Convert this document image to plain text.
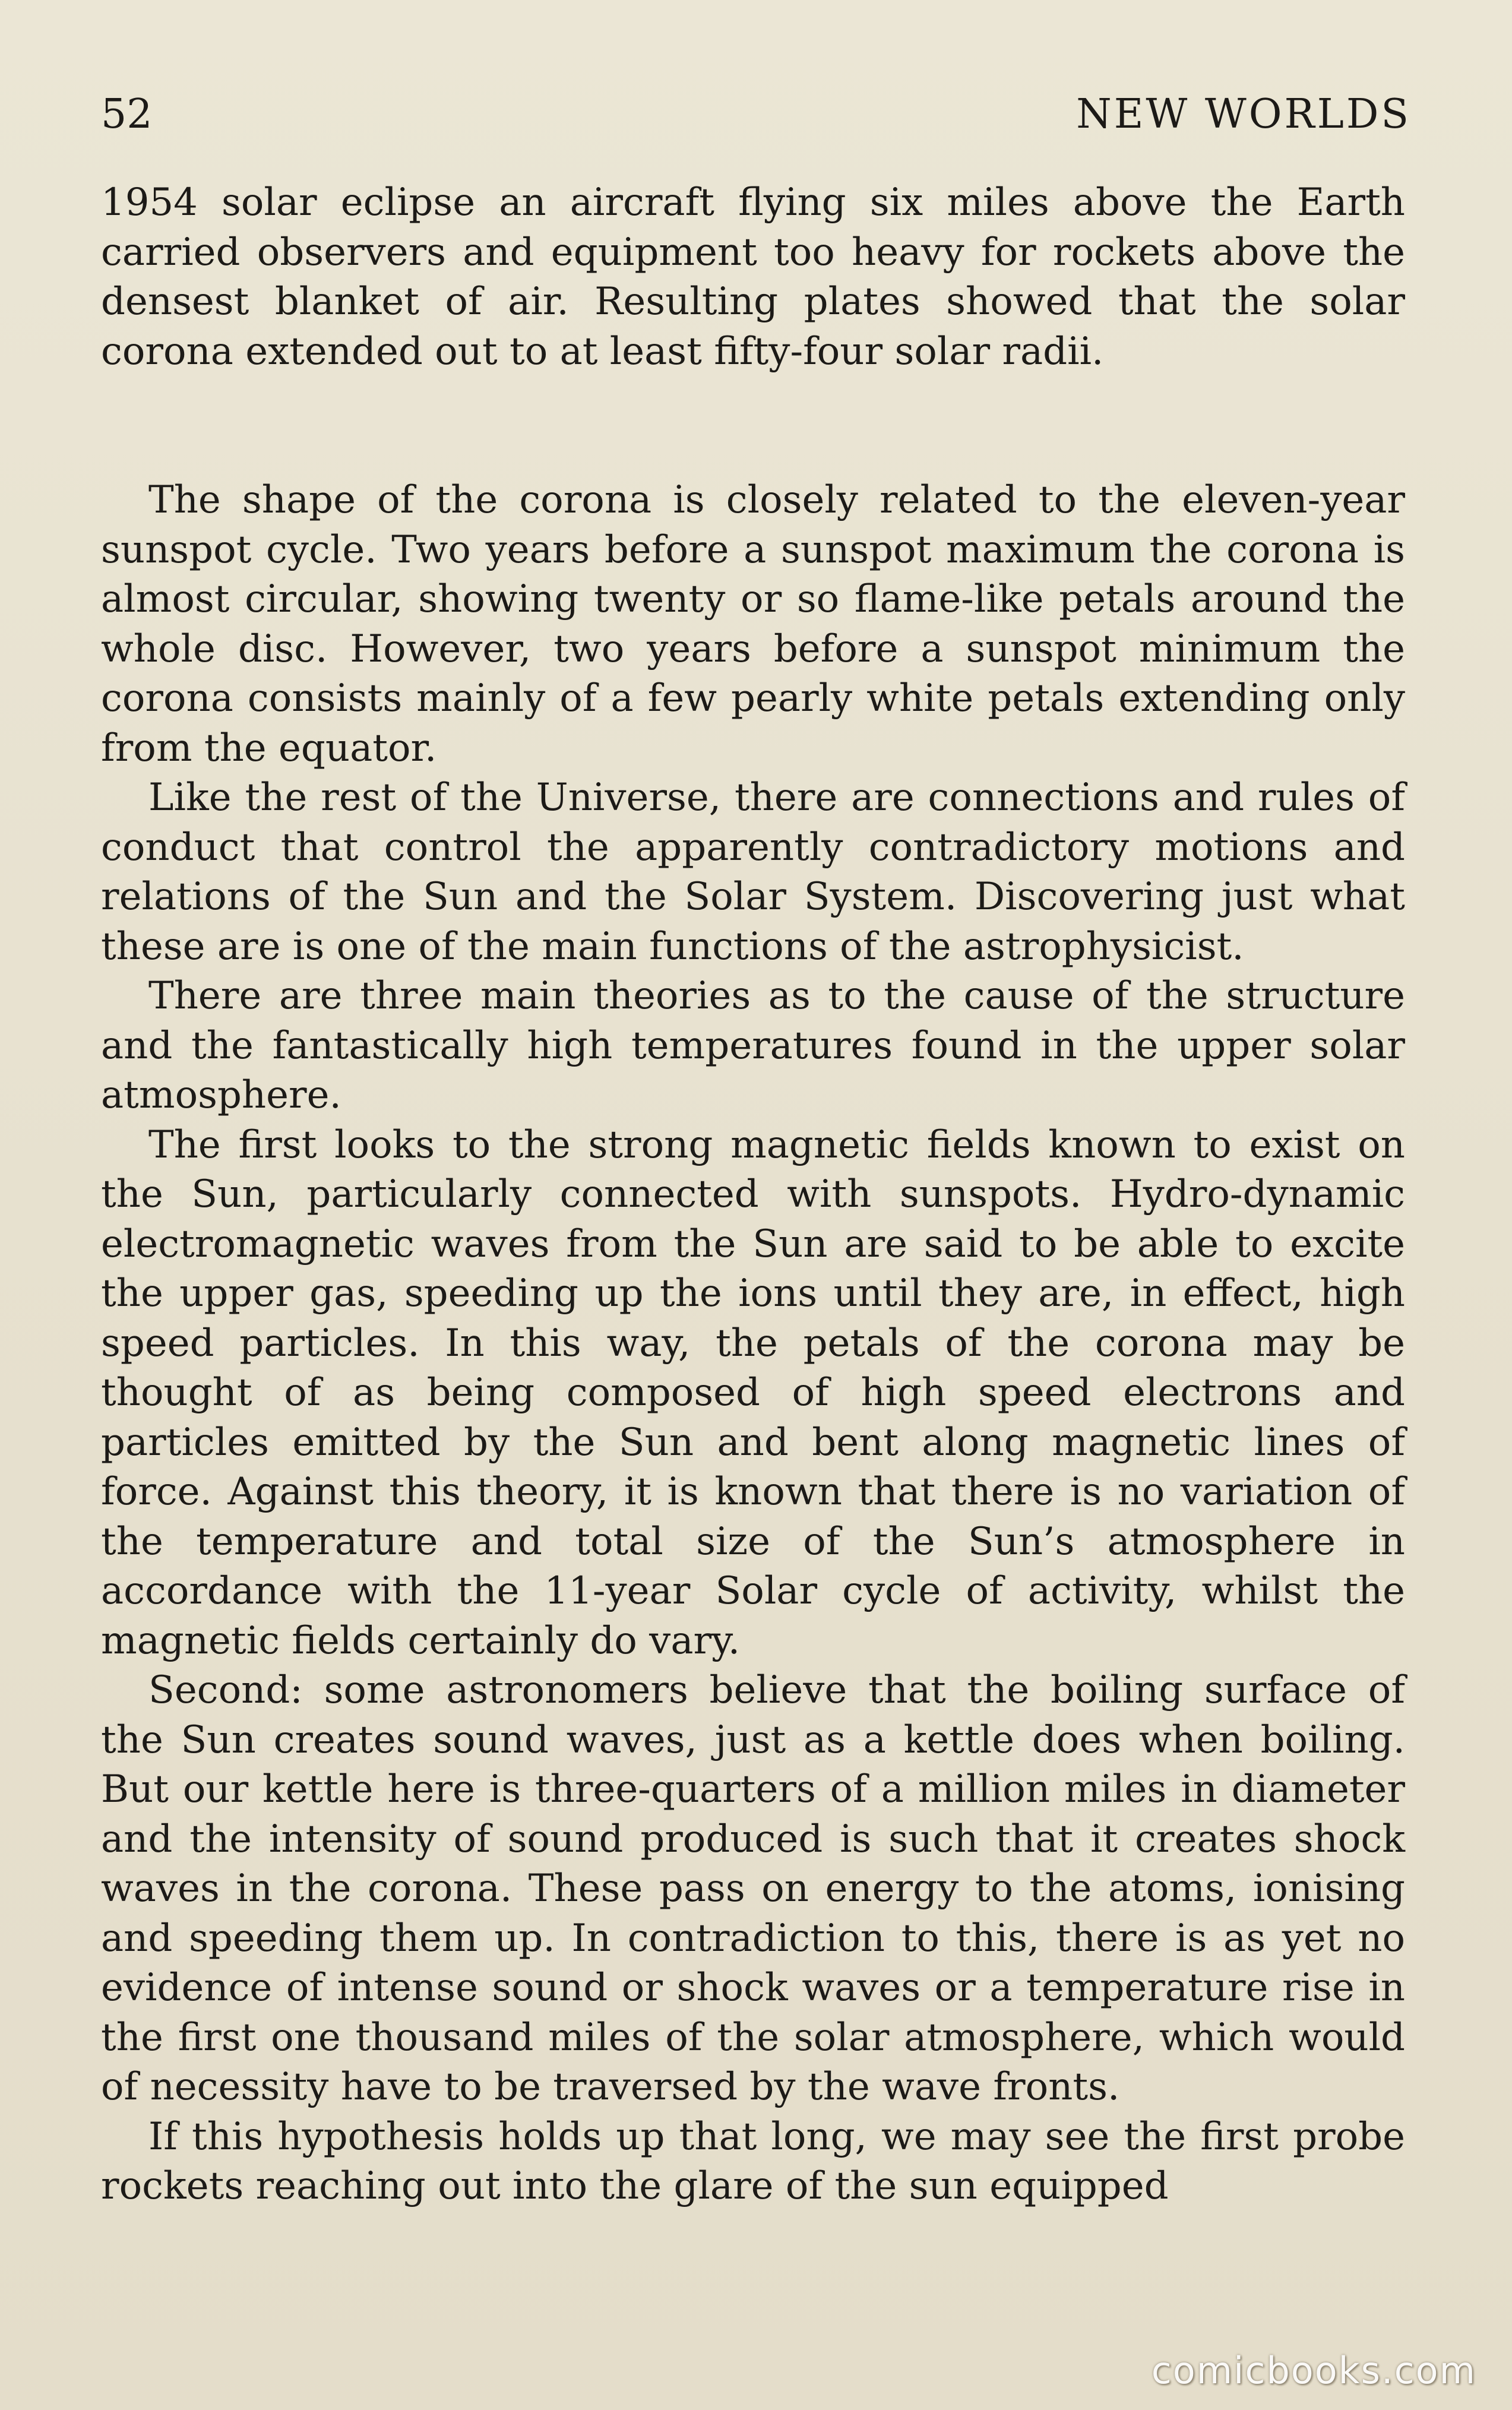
52	NEW WORLDS

1954 solar eclipse an aircraft flying six miles above the Earth carried observers and equipment too heavy for rockets above the densest blanket of air. Resulting plates showed that the solar corona extended out to at least fifty-four solar radii.

The shape of the corona is closely related to the eleven-year sunspot cycle. Two years before a sunspot maximum the corona is almost circular, showing twenty or so flame-like petals around the whole disc. However, two years before a sunspot minimum the corona consists mainly of a few pearly white petals extending only from the equator.

Like the rest of the Universe, there are connections and rules of conduct that control the apparently contradictory motions and relations of the Sun and the Solar System. Discovering just what these are is one of the main functions of the astrophysicist.

There are three main theories as to the cause of the structure and the fantastically high temperatures found in the upper solar atmosphere.

The first looks to the strong magnetic fields known to exist on the Sun, particularly connected with sunspots. Hydro-dynamic electromagnetic waves from the Sun are said to be able to excite the upper gas, speeding up the ions until they are, in effect, high speed particles. In this way, the petals of the corona may be thought of as being composed of high speed electrons and particles emitted by the Sun and bent along magnetic lines of force. Against this theory, it is known that there is no variation of the temperature and total size of the Sun’s atmosphere in accordance with the 11-year Solar cycle of activity, whilst the magnetic fields certainly do vary.

Second: some astronomers believe that the boiling surface of the Sun creates sound waves, just as a kettle does when boiling. But our kettle here is three-quarters of a million miles in diameter and the intensity of sound produced is such that it creates shock waves in the corona. These pass on energy to the atoms, ionising and speeding them up. In contradiction to this, there is as yet no evidence of intense sound or shock waves or a temperature rise in the first one thousand miles of the solar atmosphere, which would of necessity have to be traversed by the wave fronts.

If this hypothesis holds up that long, we may see the first probe rockets reaching out into the glare of the sun equipped

comicbooks.com
